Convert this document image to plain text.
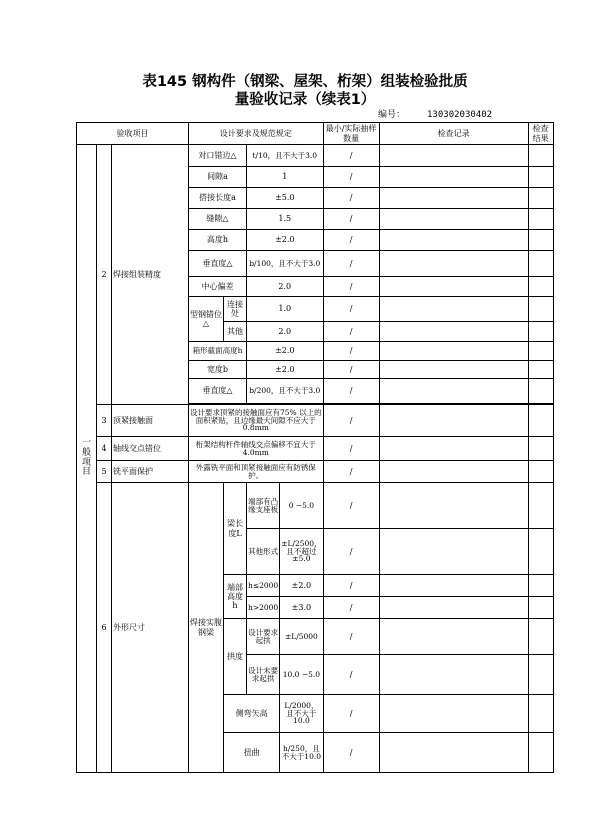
表145 钢构件（钢梁、屋架、桁架）组装检验批质
量验收记录（续表1）
编号： 130302030402
验收项目			设计要求及规范规定				最小/实际抽样数量	检查记录	检查结果
一般项目	2	焊接组装精度	对口错边△		t/10，且不大于3.0		/		
			间隙a		1		/		
			搭接长度a		±5.0		/		
			缝隙△		1.5		/		
			高度h		±2.0		/		
			垂直度△		b/100，且不大于3.0		/		
			中心偏差		2.0		/		
			型钢错位△	连接处	1.0		/		
				其他	2.0		/		
			箱形截面高度h		±2.0		/		
			宽度b		±2.0		/		
			垂直度△		b/200，且不大于3.0		/		

	3	顶紧接触面	设计要求顶紧的接触面应有75% 以上的面积紧贴，且边缘最大间隙不应大于 0.8mm				/		
	4	轴线交点错位	桁架结构杆件轴线交点偏移不宜大于 4.0mm				/		
	5	铣平面保护	外露铣平面和顶紧接触面应有防锈保护。				/		
	6	外形尺寸	焊接实腹钢梁	梁长度L	端部有凸缘支座板	0 −5.0	/		
					其他形式	±L/2500，且不超过±5.0	/		
				端部高度h	h≤2000	±2.0	/		
					h>2000	±3.0	/		
				拱度	设计要求起拱	±L/5000	/		
					设计未要求起拱	10.0 −5.0	/		
				侧弯矢高		L/2000，且不大于10.0	/		
				扭曲		h/250，且不大于10.0	/		
